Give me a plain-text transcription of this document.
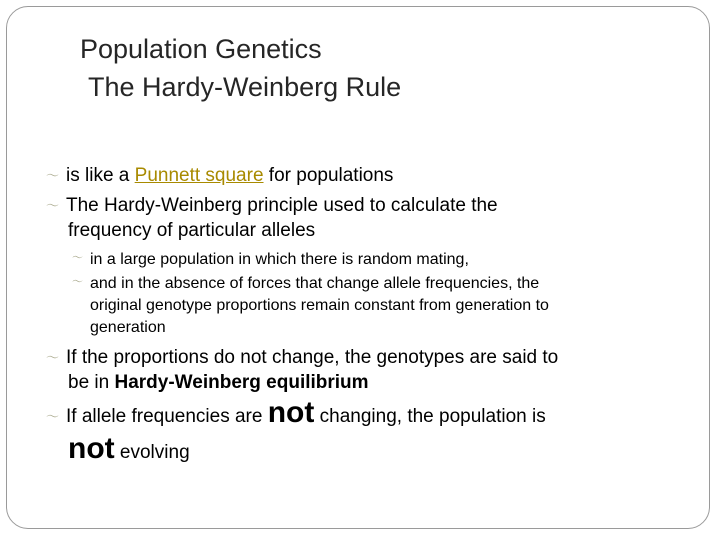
Population Genetics
The Hardy-Weinberg Rule
〜 is like a Punnett square for populations
〜 The Hardy-Weinberg principle used to calculate the
frequency of particular alleles
〜 in a large population in which there is random mating,
〜 and in the absence of forces that change allele frequencies, the
original genotype proportions remain constant from generation to
generation
〜 If the proportions do not change, the genotypes are said to
be in Hardy-Weinberg equilibrium
〜 If allele frequencies are not changing, the population is
not evolving
